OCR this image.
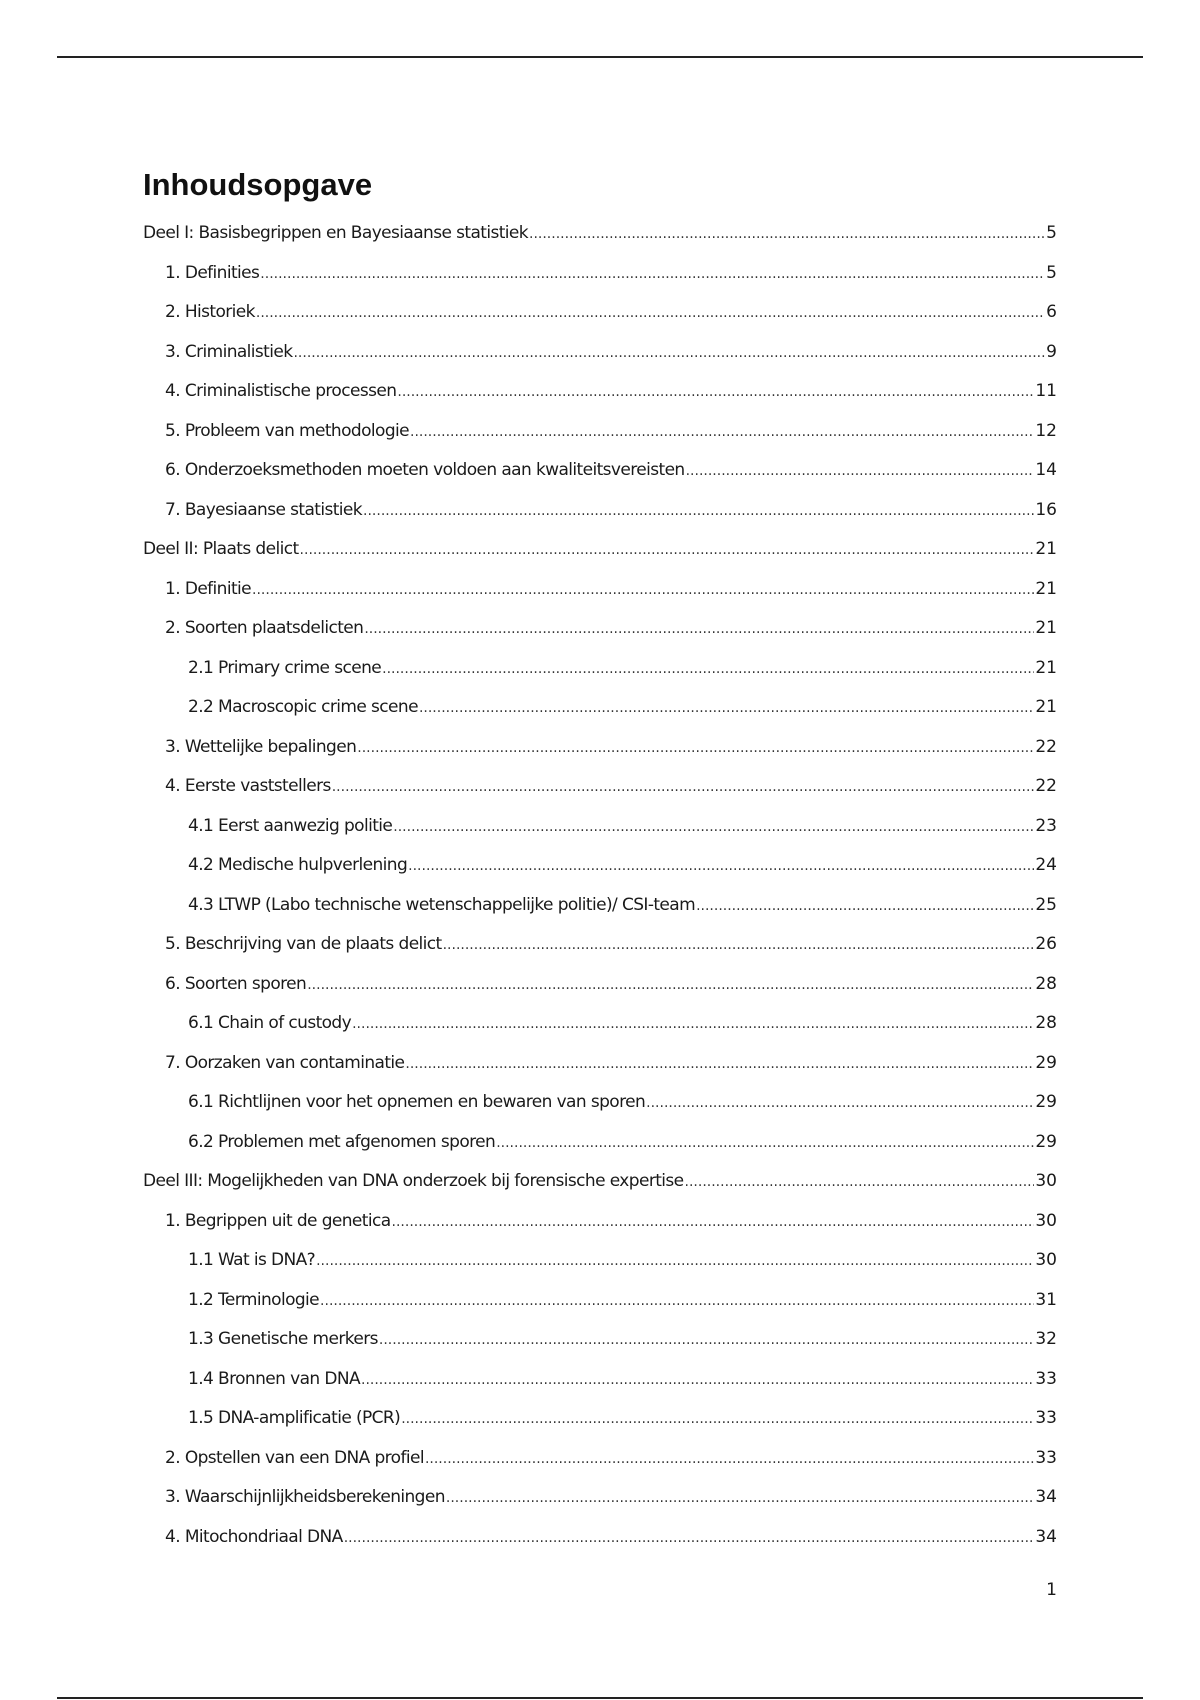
Inhoudsopgave
Deel I: Basisbegrippen en Bayesiaanse statistiek .....	5
1. Definities .....	5
2. Historiek .....	6
3. Criminalistiek .....	9
4. Criminalistische processen .....	11
5. Probleem van methodologie .....	12
6. Onderzoeksmethoden moeten voldoen aan kwaliteitsvereisten .....	14
7. Bayesiaanse statistiek .....	16
Deel II: Plaats delict .....	21
1. Definitie .....	21
2. Soorten plaatsdelicten .....	21
2.1 Primary crime scene .....	21
2.2 Macroscopic crime scene .....	21
3. Wettelijke bepalingen .....	22
4. Eerste vaststellers .....	22
4.1 Eerst aanwezig politie .....	23
4.2 Medische hulpverlening .....	24
4.3 LTWP (Labo technische wetenschappelijke politie)/ CSI-team .....	25
5. Beschrijving van de plaats delict .....	26
6. Soorten sporen .....	28
6.1 Chain of custody .....	28
7. Oorzaken van contaminatie .....	29
6.1 Richtlijnen voor het opnemen en bewaren van sporen .....	29
6.2 Problemen met afgenomen sporen .....	29
Deel III: Mogelijkheden van DNA onderzoek bij forensische expertise .....	30
1. Begrippen uit de genetica .....	30
1.1 Wat is DNA? .....	30
1.2 Terminologie .....	31
1.3 Genetische merkers .....	32
1.4 Bronnen van DNA .....	33
1.5 DNA-amplificatie (PCR) .....	33
2. Opstellen van een DNA profiel .....	33
3. Waarschijnlijkheidsberekeningen .....	34
4. Mitochondriaal DNA .....	34
1
